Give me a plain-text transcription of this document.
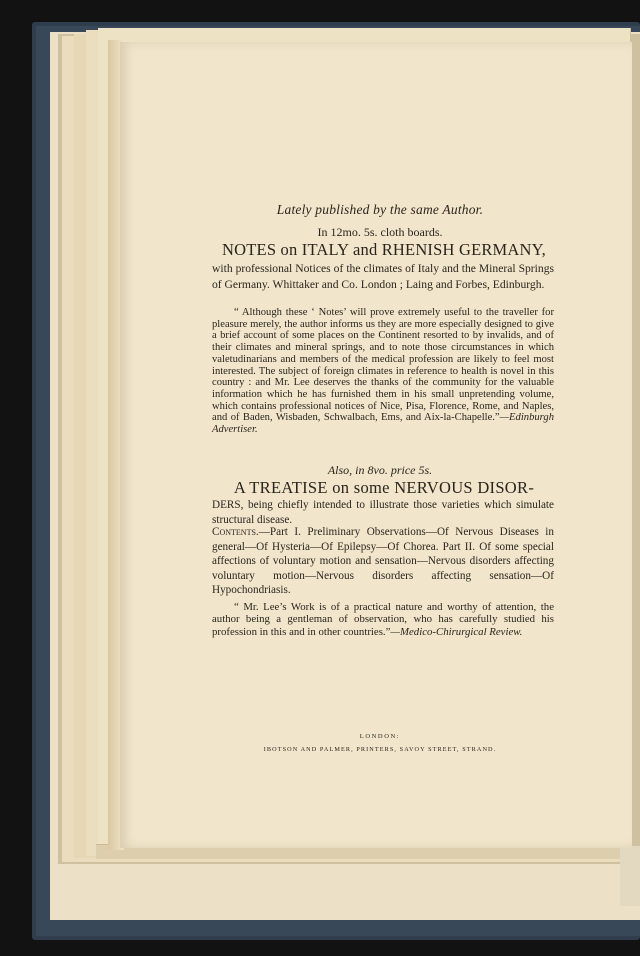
Lately published by the same Author.
In 12mo. 5s. cloth boards.
NOTES on ITALY and RHENISH GERMANY,
with professional Notices of the climates of Italy and the Mineral Springs of Germany. Whittaker and Co. London ; Laing and Forbes, Edinburgh.
“ Although these ‘ Notes’ will prove extremely useful to the traveller for pleasure merely, the author informs us they are more especially designed to give a brief account of some places on the Continent resorted to by invalids, and of their climates and mineral springs, and to note those circumstances in which valetudinarians and members of the medical profession are likely to feel most interested. The subject of foreign climates in reference to health is novel in this country : and Mr. Lee deserves the thanks of the community for the valuable information which he has furnished them in his small unpretending volume, which contains professional notices of Nice, Pisa, Florence, Rome, and Naples, and of Baden, Wisbaden, Schwalbach, Ems, and Aix-la-Chapelle.”—Edinburgh Advertiser.
Also, in 8vo. price 5s.
A TREATISE on some NERVOUS DISOR-
DERS, being chiefly intended to illustrate those varieties which simulate structural disease.
Contents.—Part I. Preliminary Observations—Of Nervous Diseases in general—Of Hysteria—Of Epilepsy—Of Chorea. Part II. Of some special affections of voluntary motion and sensation—Nervous disorders affecting voluntary motion—Nervous disorders affecting sensation—Of Hypochondriasis.
“ Mr. Lee’s Work is of a practical nature and worthy of attention, the author being a gentleman of observation, who has carefully studied his profession in this and in other countries.”—Medico-Chirurgical Review.
LONDON:
IBOTSON AND PALMER, PRINTERS, SAVOY STREET, STRAND.
